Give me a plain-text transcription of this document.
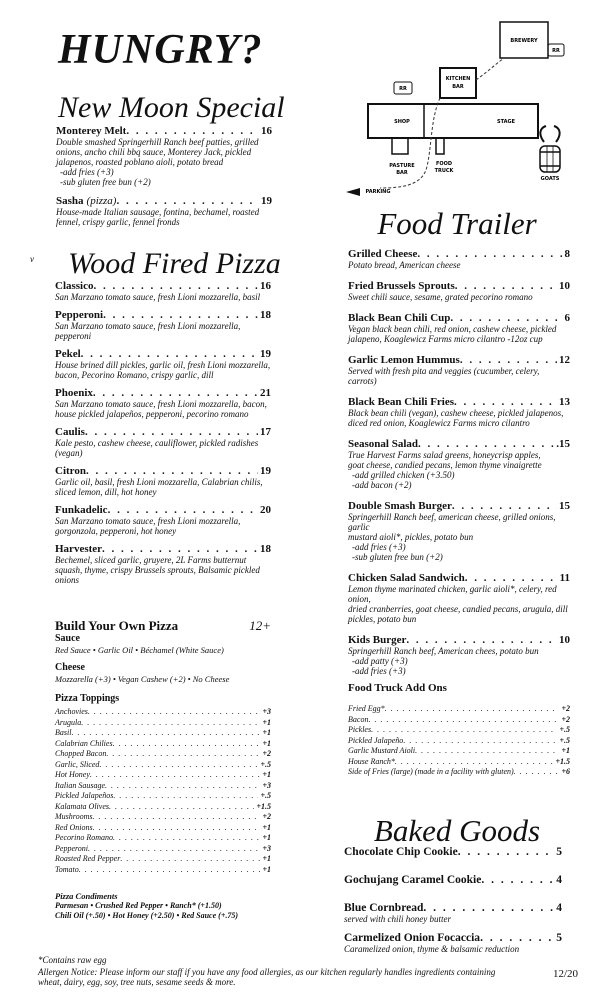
HUNGRY?
v
New Moon Special
Monterey Melt . . .	16
Double smashed Springerhill Ranch beef patties, grilled onions, ancho chili bbq sauce, Monterey Jack, pickled jalapenos, roasted poblano aioli, potato bread
-add fries (+3)
-sub gluten free bun (+2)
Sasha (pizza) . . .	19
House-made Italian sausage, fontina, bechamel, roasted fennel, crispy garlic, fennel fronds
Wood Fired Pizza
Classico . . .	16
San Marzano tomato sauce, fresh Lioni mozzarella, basil
Pepperoni . . .	18
San Marzano tomato sauce, fresh Lioni mozzarella, pepperoni
Pekel . . .	19
House brined dill pickles, garlic oil, fresh Lioni mozzarella, bacon, Pecorino Romano, crispy garlic, dill
Phoenix . . .	21
San Marzano tomato sauce, fresh Lioni mozzarella, bacon, house pickled jalapeños, pepperoni, pecorino romano
Caulis . . .	17
Kale pesto, cashew cheese, cauliflower, pickled radishes (vegan)
Citron . . .	19
Garlic oil, basil, fresh Lioni mozzarella, Calabrian chilis, sliced lemon, dill, hot honey
Funkadelic . . .	20
San Marzano tomato sauce, fresh Lioni mozzarella, gorgonzola, pepperoni, hot honey
Harvester . . .	18
Bechemel, sliced garlic, gruyere, 2L Farms butternut squash, thyme, crispy Brussels sprouts, Balsamic pickled onions
Build Your Own Pizza	12+
Sauce
Red Sauce • Garlic Oil • Béchamel (White Sauce)
Cheese
Mozzarella (+3) • Vegan Cashew (+2) • No Cheese
Pizza Toppings
Anchovies . . .	+3
Arugula . . .	+1
Basil . . .	+1
Calabrian Chilies . . .	+1
Chopped Bacon . . .	+2
Garlic, Sliced . . .	+.5
Hot Honey . . .	+1
Italian Sausage . . .	+3
Pickled Jalapeños . . .	+.5
Kalamata Olives . . .	+1.5
Mushrooms . . .	+2
Red Onions . . .	+1
Pecorino Romano . . .	+1
Pepperoni . . .	+3
Roasted Red Pepper . . .	+1
Tomato . . .	+1
Pizza Condiments
Parmesan • Crushed Red Pepper • Ranch* (+1.50)
Chili Oil (+.50) • Hot Honey (+2.50) • Red Sauce (+.75)
BREWERY
RR
RR
KITCHEN
BAR
SHOP	STAGE
PASTURE
BAR
FOOD
TRUCK
PARKING
GOATS
Food Trailer
Grilled Cheese . . .	8
Potato bread, American cheese
Fried Brussels Sprouts . . .	10
Sweet chili sauce, sesame, grated pecorino romano
Black Bean Chili Cup . . .	6
Vegan black bean chili, red onion, cashew cheese, pickled
jalapeno, Koaglewicz Farms micro cilantro -12oz cup
Garlic Lemon Hummus . . .	12
Served with fresh pita and veggies (cucumber, celery, carrots)
Black Bean Chili Fries . . .	13
Black bean chili (vegan), cashew cheese, pickled jalapenos,
diced red onion, Koaglewicz Farms micro cilantro
Seasonal Salad . . .	.15
True Harvest Farms salad greens, honeycrisp apples,
goat cheese, candied pecans, lemon thyme vinaigrette
-add grilled chicken (+3.50)
-add bacon (+2)
Double Smash Burger . . .	15
Springerhill Ranch beef, american cheese, grilled onions, garlic
mustard aioli*, pickles, potato bun
-add fries (+3)
-sub gluten free bun (+2)
Chicken Salad Sandwich . . .	11
Lemon thyme marinated chicken, garlic aioli*, celery, red onion,
dried cranberries, goat cheese, candied pecans, arugula, dill
pickles, potato bun
Kids Burger . . .	10
Springerhill Ranch beef, American chees, potato bun
-add patty (+3)
-add fries (+3)
Food Truck Add Ons
Fried Egg* . . .	+2
Bacon . . .	+2
Pickles . . .	+.5
Pickled Jalapeño . . .	+.5
Garlic Mustard Aioli . . .	+1
House Ranch* . . .	+1.5
Side of Fries (large) (made in a facility with gluten) . . .	+6
Baked Goods
Chocolate Chip Cookie . . .	5
Gochujang Caramel Cookie . . .	4
Blue Cornbread . . .	4
served with chili honey butter
Carmelized Onion Focaccia . . .	5
Caramelized onion, thyme & balsamic reduction
*Contains raw egg
Allergen Notice: Please inform our staff if you have any food allergies, as our kitchen regularly handles ingredients containing wheat, dairy, egg, soy, tree nuts, sesame seeds & more.
12/20
